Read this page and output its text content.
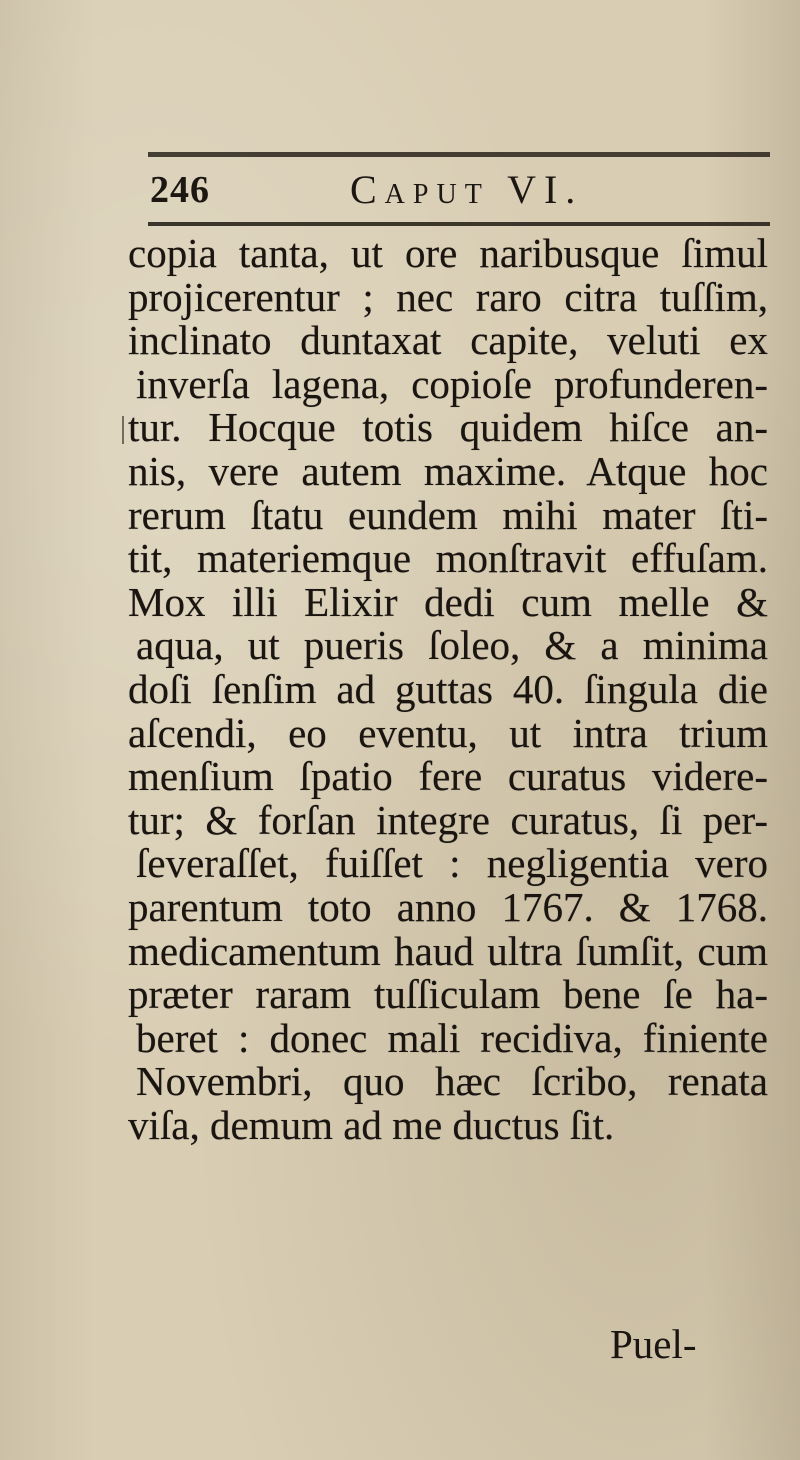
246	Caput VI.
copia tanta, ut ore naribusque ſimul
projicerentur ; nec raro citra tuſſim,
inclinato duntaxat capite, veluti ex
inverſa lagena, copioſe profunderen-
tur. Hocque totis quidem hiſce an-
nis, vere autem maxime. Atque hoc
rerum ſtatu eundem mihi mater ſti-
tit, materiemque monſtravit effuſam.
Mox illi Elixir dedi cum melle &
aqua, ut pueris ſoleo, & a minima
doſi ſenſim ad guttas 40. ſingula die
aſcendi, eo eventu, ut intra trium
menſium ſpatio fere curatus videre-
tur; & forſan integre curatus, ſi per-
ſeveraſſet, fuiſſet : negligentia vero
parentum toto anno 1767. & 1768.
medicamentum haud ultra ſumſit, cum
præter raram tuſſiculam bene ſe ha-
beret : donec mali recidiva, finiente
Novembri, quo hæc ſcribo, renata
viſa, demum ad me ductus ſit.
Puel-
